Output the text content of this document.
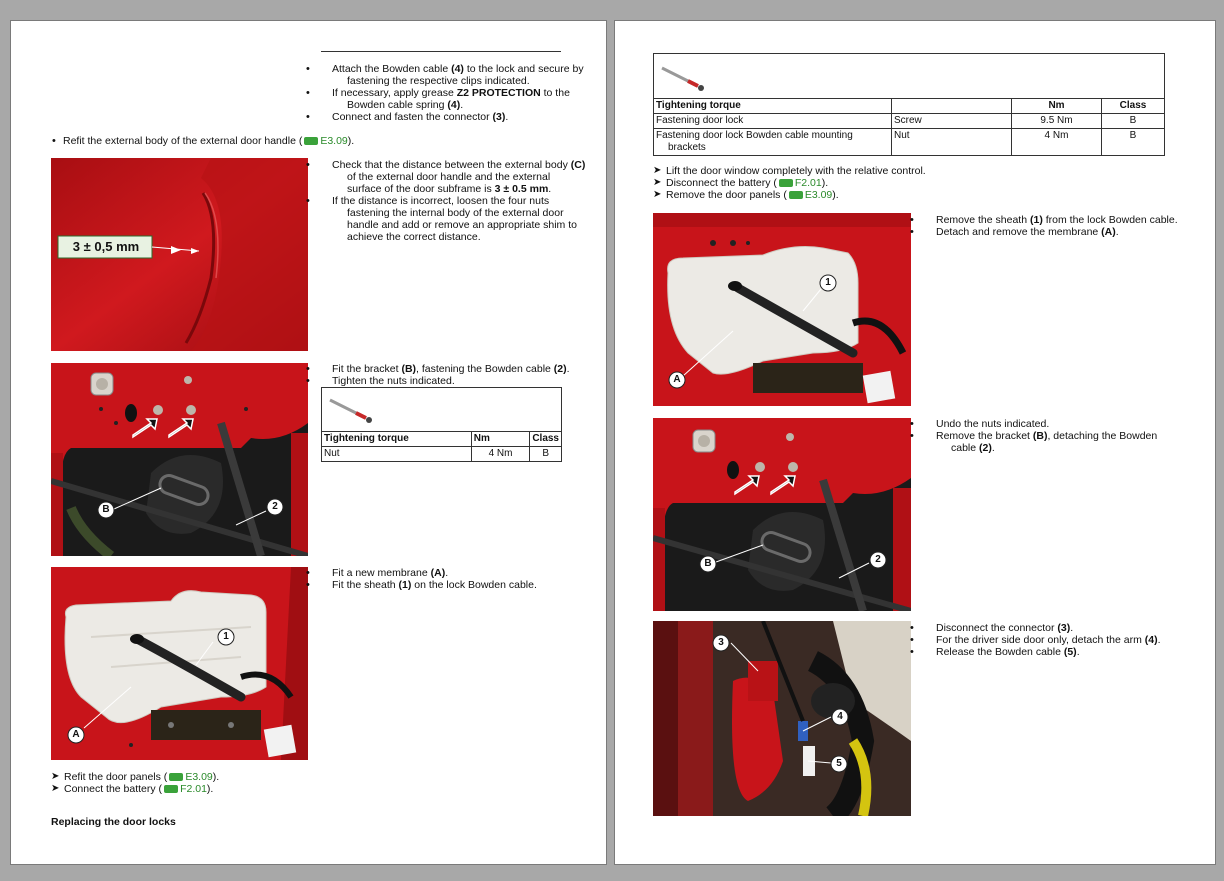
• Attach the Bowden cable (4) to the lock and secure by fastening the respective clips indicated.
• If necessary, apply grease Z2 PROTECTION to the Bowden cable spring (4).
• Connect and fasten the connector (3).
• Refit the external body of the external door handle ( E3.09).
3 ± 0,5 mm
• Check that the distance between the external body (C) of the external door handle and the external surface of the door subframe is 3 ± 0.5 mm.
• If the distance is incorrect, loosen the four nuts fastening the internal body of the external door handle and add or remove an appropriate shim to achieve the correct distance.
B	2
• Fit the bracket (B), fastening the Bowden cable (2).
• Tighten the nuts indicated.
Tightening torque	Nm	Class
Nut	4 Nm	B
1
A
• Fit a new membrane (A).
• Fit the sheath (1) on the lock Bowden cable.
➤ Refit the door panels ( E3.09).
➤ Connect the battery ( F2.01).
Replacing the door locks
Tightening torque		Nm	Class
Fastening door lock	Screw	9.5 Nm	B
Fastening door lock Bowden cable mounting brackets	Nut	4 Nm	B
➤ Lift the door window completely with the relative control.
➤ Disconnect the battery ( F2.01).
➤ Remove the door panels ( E3.09).
1
A
• Remove the sheath (1) from the lock Bowden cable.
• Detach and remove the membrane (A).
B	2
• Undo the nuts indicated.
• Remove the bracket (B), detaching the Bowden cable (2).
3
4
5
• Disconnect the connector (3).
• For the driver side door only, detach the arm (4).
• Release the Bowden cable (5).
